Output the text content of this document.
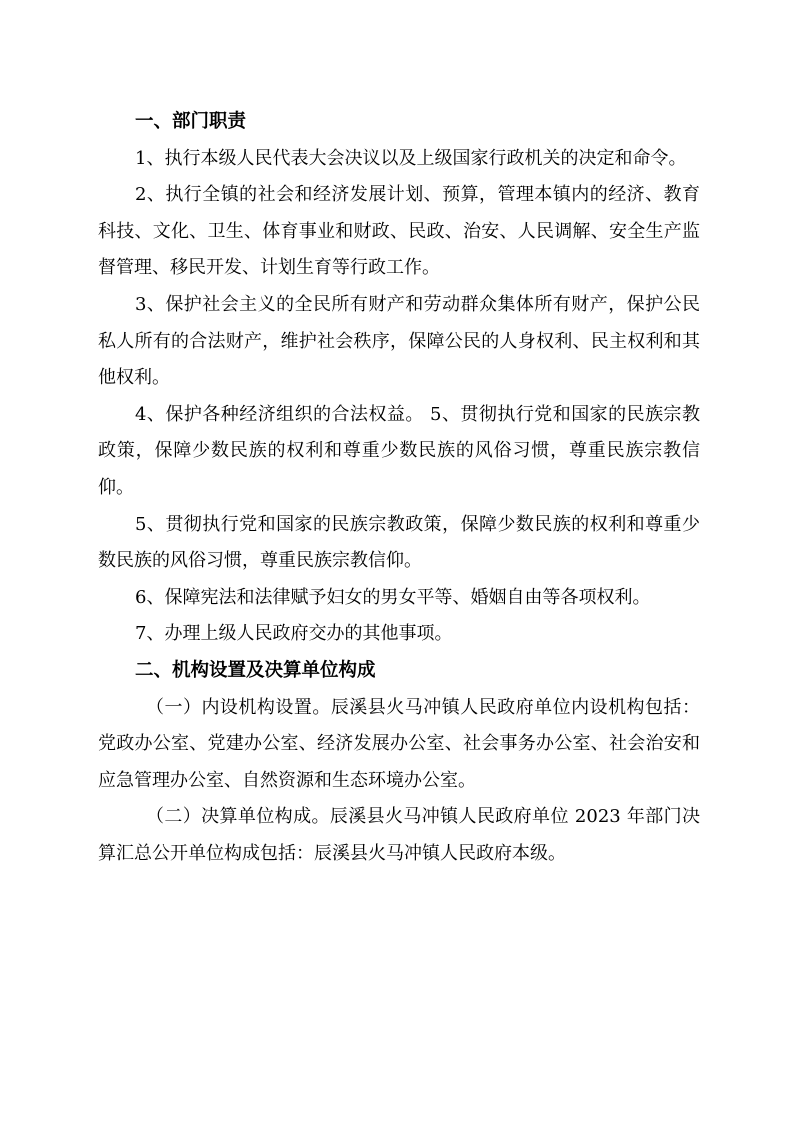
一、部门职责

1、执行本级人民代表大会决议以及上级国家行政机关的决定和命令。

2、执行全镇的社会和经济发展计划、预算，管理本镇内的经济、教育科技、文化、卫生、体育事业和财政、民政、治安、人民调解、安全生产监督管理、移民开发、计划生育等行政工作。

3、保护社会主义的全民所有财产和劳动群众集体所有财产，保护公民私人所有的合法财产，维护社会秩序，保障公民的人身权利、民主权利和其他权利。

4、保护各种经济组织的合法权益。 5、贯彻执行党和国家的民族宗教政策，保障少数民族的权利和尊重少数民族的风俗习惯，尊重民族宗教信仰。

5、贯彻执行党和国家的民族宗教政策，保障少数民族的权利和尊重少数民族的风俗习惯，尊重民族宗教信仰。

6、保障宪法和法律赋予妇女的男女平等、婚姻自由等各项权利。

7、办理上级人民政府交办的其他事项。

二、机构设置及决算单位构成

（一）内设机构设置。辰溪县火马冲镇人民政府单位内设机构包括：党政办公室、党建办公室、经济发展办公室、社会事务办公室、社会治安和应急管理办公室、自然资源和生态环境办公室。

（二）决算单位构成。辰溪县火马冲镇人民政府单位 2023 年部门决算汇总公开单位构成包括：辰溪县火马冲镇人民政府本级。
